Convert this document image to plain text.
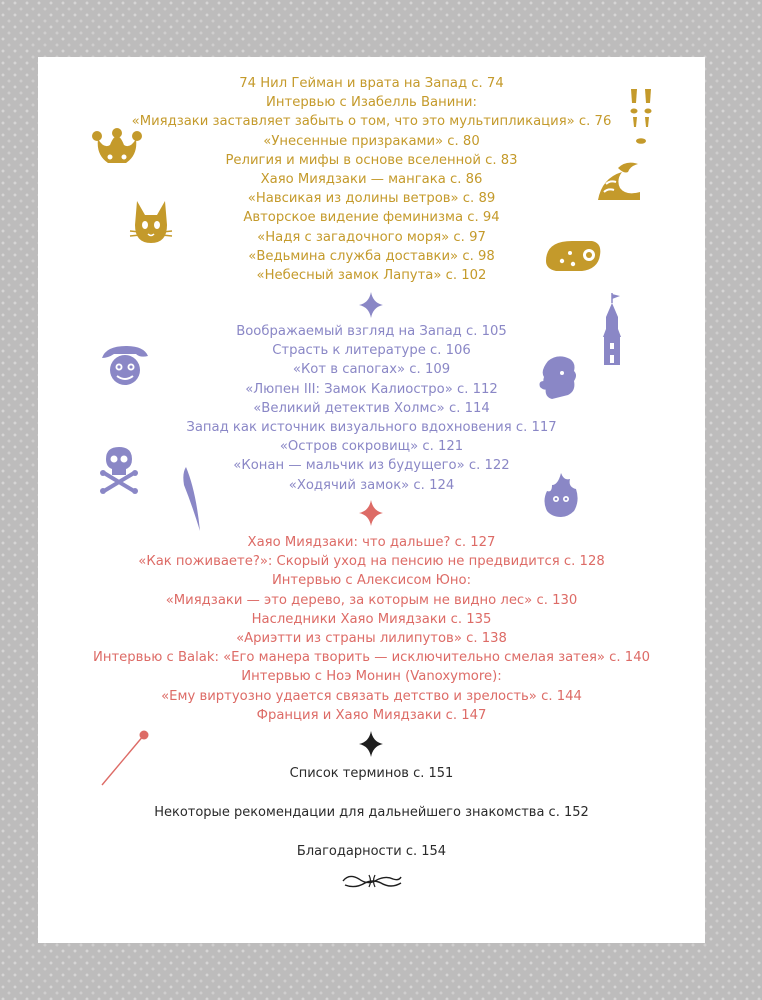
74 Нил Гейман и врата на Запад с. 74
Интервью с Изабелль Ванини:
«Миядзаки заставляет забыть о том, что это мультипликация» с. 76
«Унесенные призраками» с. 80
Религия и мифы в основе вселенной с. 83
Хаяо Миядзаки — мангака с. 86
«Навсикая из долины ветров» с. 89
Авторское видение феминизма с. 94
«Надя с загадочного моря» с. 97
«Ведьмина служба доставки» с. 98
«Небесный замок Лапута» с. 102
Воображаемый взгляд на Запад с. 105
Страсть к литературе с. 106
«Кот в сапогах» с. 109
«Люпен III: Замок Калиостро» с. 112
«Великий детектив Холмс» с. 114
Запад как источник визуального вдохновения с. 117
«Остров сокровищ» с. 121
«Конан — мальчик из будущего» с. 122
«Ходячий замок» с. 124
Хаяо Миядзаки: что дальше? с. 127
«Как поживаете?»: Скорый уход на пенсию не предвидится с. 128
Интервью с Алексисом Юно:
«Миядзаки — это дерево, за которым не видно лес» с. 130
Наследники Хаяо Миядзаки с. 135
«Ариэтти из страны лилипутов» с. 138
Интервью с Balak: «Его манера творить — исключительно смелая затея» с. 140
Интервью с Ноэ Монин (Vanoxymore):
«Ему виртуозно удается связать детство и зрелость» с. 144
Франция и Хаяо Миядзаки с. 147
Список терминов с. 151
Некоторые рекомендации для дальнейшего знакомства с. 152
Благодарности с. 154
